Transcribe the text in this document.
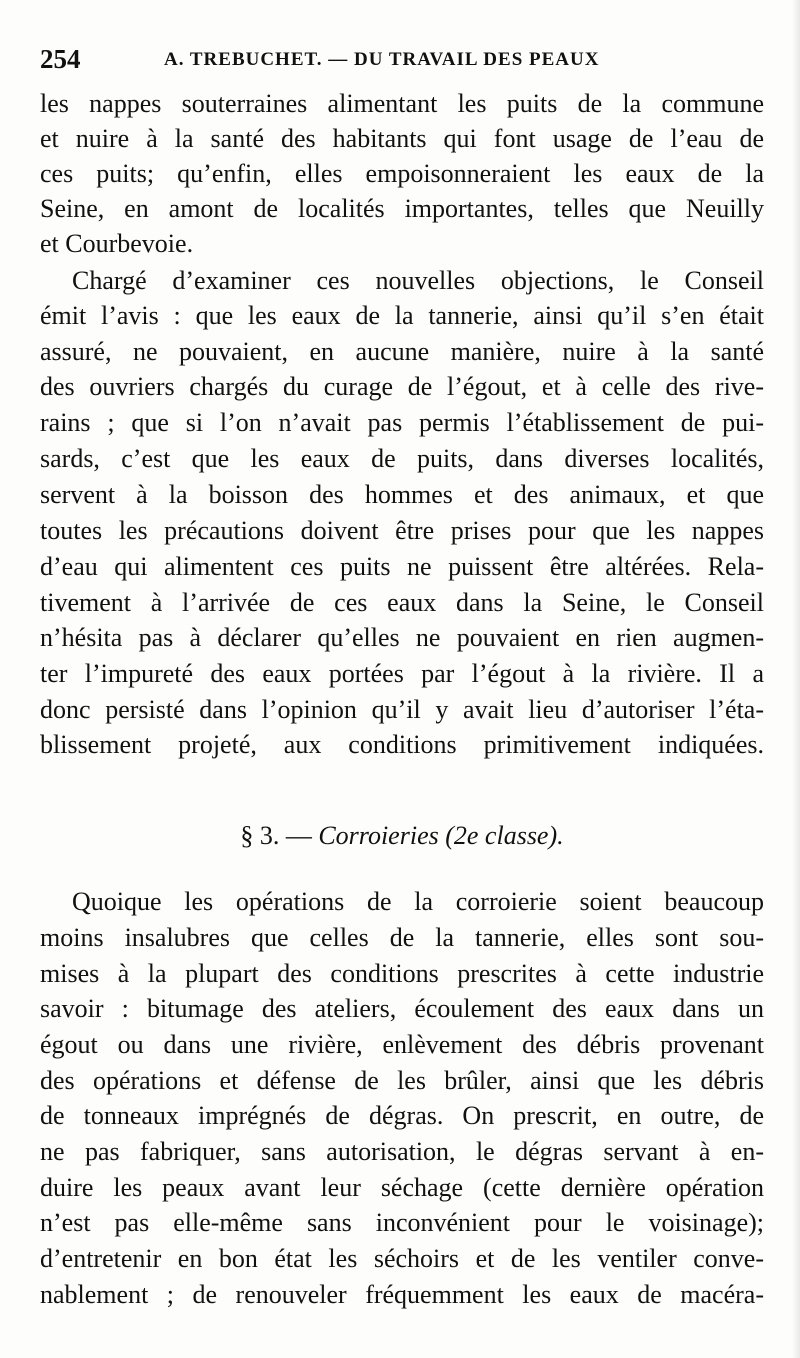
254	A. TREBUCHET. — DU TRAVAIL DES PEAUX
les nappes souterraines alimentant les puits de la commune
et nuire à la santé des habitants qui font usage de l’eau de
ces puits; qu’enfin, elles empoisonneraient les eaux de la
Seine, en amont de localités importantes, telles que Neuilly
et Courbevoie.
Chargé d’examiner ces nouvelles objections, le Conseil
émit l’avis : que les eaux de la tannerie, ainsi qu’il s’en était
assuré, ne pouvaient, en aucune manière, nuire à la santé
des ouvriers chargés du curage de l’égout, et à celle des rive-
rains ; que si l’on n’avait pas permis l’établissement de pui-
sards, c’est que les eaux de puits, dans diverses localités,
servent à la boisson des hommes et des animaux, et que
toutes les précautions doivent être prises pour que les nappes
d’eau qui alimentent ces puits ne puissent être altérées. Rela-
tivement à l’arrivée de ces eaux dans la Seine, le Conseil
n’hésita pas à déclarer qu’elles ne pouvaient en rien augmen-
ter l’impureté des eaux portées par l’égout à la rivière. Il a
donc persisté dans l’opinion qu’il y avait lieu d’autoriser l’éta-
blissement projeté, aux conditions primitivement indiquées.
§ 3. — Corroieries (2e classe).
Quoique les opérations de la corroierie soient beaucoup
moins insalubres que celles de la tannerie, elles sont sou-
mises à la plupart des conditions prescrites à cette industrie
savoir : bitumage des ateliers, écoulement des eaux dans un
égout ou dans une rivière, enlèvement des débris provenant
des opérations et défense de les brûler, ainsi que les débris
de tonneaux imprégnés de dégras. On prescrit, en outre, de
ne pas fabriquer, sans autorisation, le dégras servant à en-
duire les peaux avant leur séchage (cette dernière opération
n’est pas elle-même sans inconvénient pour le voisinage);
d’entretenir en bon état les séchoirs et de les ventiler conve-
nablement ; de renouveler fréquemment les eaux de macéra-
